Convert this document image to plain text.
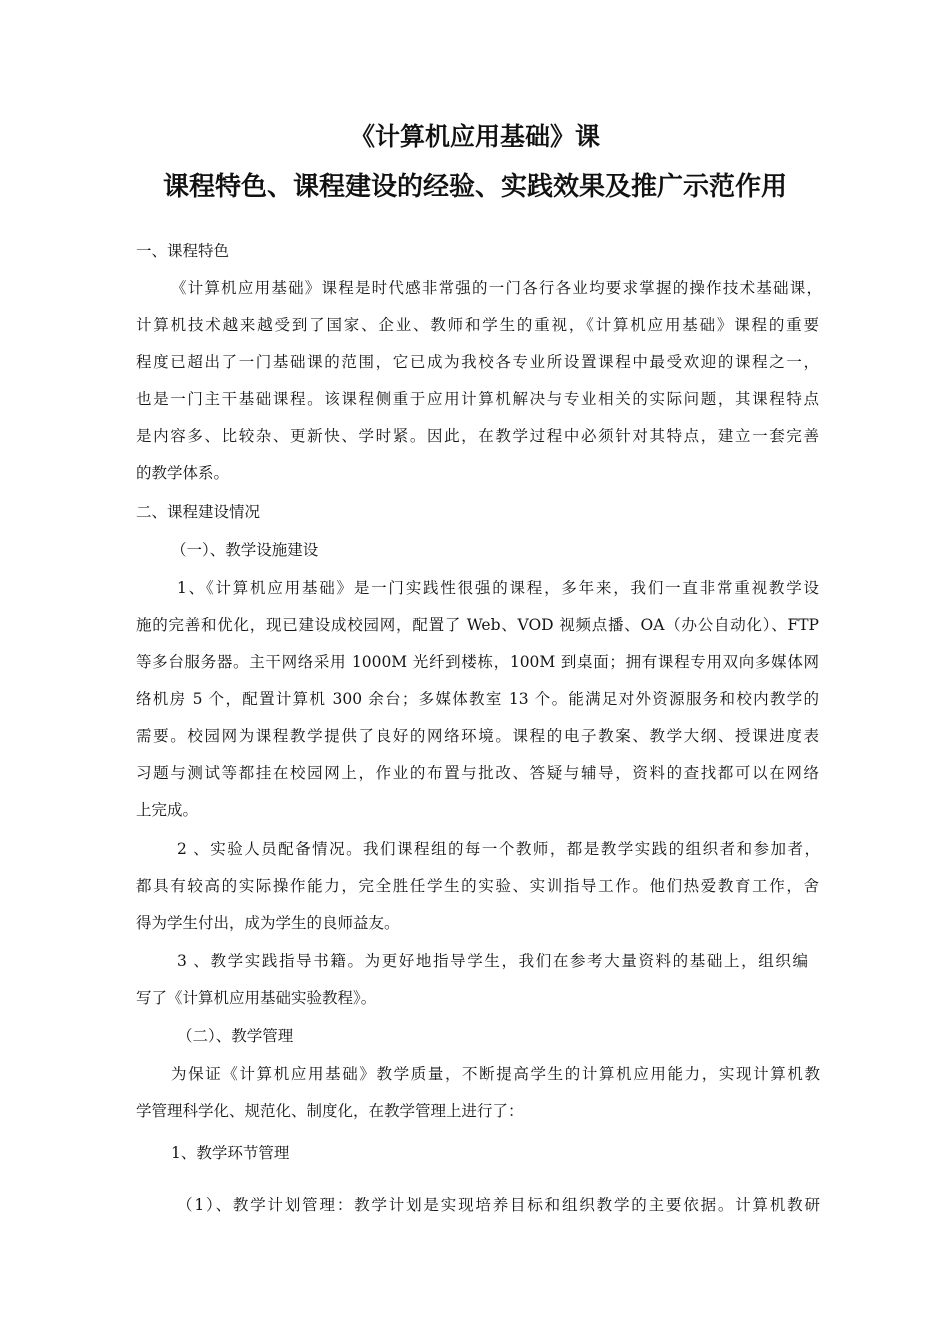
《计算机应用基础》课
课程特色、课程建设的经验、实践效果及推广示范作用
一、课程特色
《计算机应用基础》课程是时代感非常强的一门各行各业均要求掌握的操作技术基础课，
计算机技术越来越受到了国家、企业、教师和学生的重视，《计算机应用基础》课程的重要
程度已超出了一门基础课的范围，它已成为我校各专业所设置课程中最受欢迎的课程之一，
也是一门主干基础课程。该课程侧重于应用计算机解决与专业相关的实际问题，其课程特点
是内容多、比较杂、更新快、学时紧。因此，在教学过程中必须针对其特点，建立一套完善
的教学体系。
二、课程建设情况
（一）、教学设施建设
1、《计算机应用基础》是一门实践性很强的课程，多年来，我们一直非常重视教学设
施的完善和优化，现已建设成校园网，配置了 Web、VOD 视频点播、OA（办公自动化）、FTP
等多台服务器。主干网络采用 1000M 光纤到楼栋，100M 到桌面；拥有课程专用双向多媒体网
络机房 5 个，配置计算机 300 余台；多媒体教室 13 个。能满足对外资源服务和校内教学的
需要。校园网为课程教学提供了良好的网络环境。课程的电子教案、教学大纲、授课进度表
习题与测试等都挂在校园网上，作业的布置与批改、答疑与辅导，资料的查找都可以在网络
上完成。
2 、实验人员配备情况。我们课程组的每一个教师，都是教学实践的组织者和参加者，
都具有较高的实际操作能力，完全胜任学生的实验、实训指导工作。他们热爱教育工作，舍
得为学生付出，成为学生的良师益友。
3 、教学实践指导书籍。为更好地指导学生，我们在参考大量资料的基础上，组织编
写了《计算机应用基础实验教程》。
（二）、教学管理
为保证《计算机应用基础》教学质量，不断提高学生的计算机应用能力，实现计算机教
学管理科学化、规范化、制度化，在教学管理上进行了：
1、教学环节管理
（1）、教学计划管理：教学计划是实现培养目标和组织教学的主要依据。计算机教研
